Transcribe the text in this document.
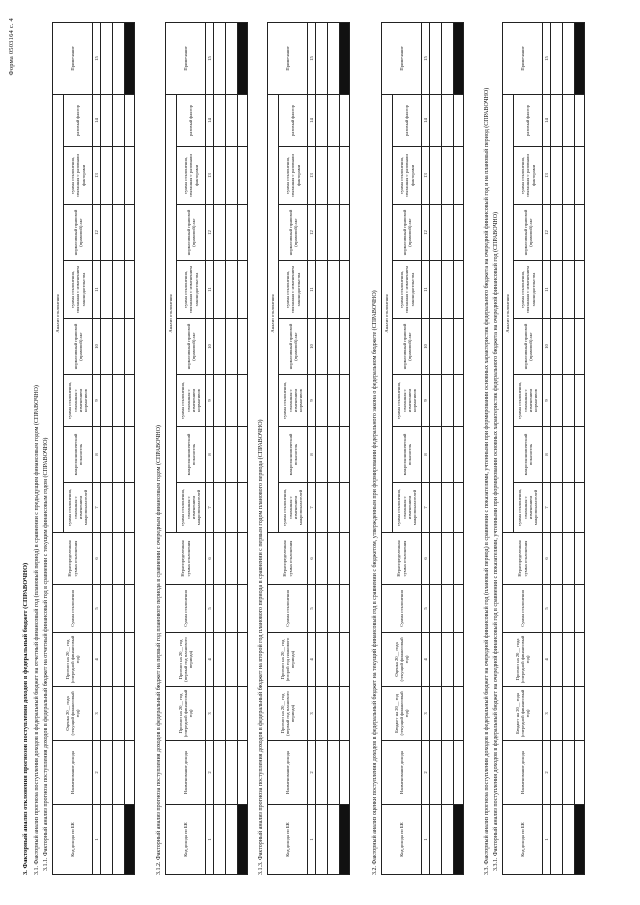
Форма 0503164 с. 4
3. Факторный анализ отклонения прогнозов поступления доходов в федеральный бюджет (СПРАВОЧНО) 3.1. Факторный анализ прогноза поступления доходов в федеральный бюджет на отчетный финансовый год (плановый период) в сравнении с предыдущим финансовым годом (СПРАВОЧНО) 3.1.1. Факторный анализ прогноза поступления доходов в федеральный бюджет на отчетный финансовый год в сравнении с текущим финансовым годом (СПРАВОЧНО)	Код дохода по БК	Наименование дохода	Оценка 20__ года (текущий финансовый год)	Прогноз на 20__ год (очередной финансовый год)	Сумма отклонения	Нераспределенная сумма отклонения	Анализ отклонения								Примечание
						сумма отклонения, связанная с изменением макропоказателей	макроэкономический показатель	сумма отклонения, связанная с изменением нормативов	нормативный правовой (правовой) акт	сумма отклонения, связанная с изменением законодательства	нормативный правовой (правовой) акт	сумма отклонения, связанная с разовыми факторами	разовый фактор	
1	2	3	4	5	6	7	8	9	10	11	12	13	14	15

3.1.2. Факторный анализ прогноза поступления доходов в федеральный бюджет на первый год планового периода в сравнении с очередным финансовым годом (СПРАВОЧНО)	Код дохода по БК	Наименование дохода	Прогноз на 20__ год (очередной финансовый год)	Прогноз на 20__ год (первый год планового периода)	Сумма отклонения	Нераспределенная сумма отклонения	Анализ отклонения								Примечание
						сумма отклонения, связанная с изменением макропоказателей	макроэкономический показатель	сумма отклонения, связанная с изменением нормативов	нормативный правовой (правовой) акт	сумма отклонения, связанная с изменением законодательства	нормативный правовой (правовой) акт	сумма отклонения, связанная с разовыми факторами	разовый фактор	
1	2	3	4	5	6	7	8	9	10	11	12	13	14	15

3.1.3. Факторный анализ прогноза поступления доходов в федеральный бюджет на второй год планового периода в сравнении с первым годом планового периода (СПРАВОЧНО)	Код дохода по БК	Наименование дохода	Прогноз на 20__ год (первый год планового периода)	Прогноз на 20__ год (второй год планового периода)	Сумма отклонения	Нераспределенная сумма отклонения	Анализ отклонения								Примечание
						сумма отклонения, связанная с изменением макропоказателей	макроэкономический показатель	сумма отклонения, связанная с изменением нормативов	нормативный правовой (правовой) акт	сумма отклонения, связанная с изменением законодательства	нормативный правовой (правовой) акт	сумма отклонения, связанная с разовыми факторами	разовый фактор	
1	2	3	4	5	6	7	8	9	10	11	12	13	14	15

3.2. Факторный анализ оценки поступления доходов в федеральный бюджет на текущий финансовый год в сравнении с бюджетом, утвержденным при формировании федерального закона о федеральном бюджете (СПРАВОЧНО)	Код дохода по БК	Наименование дохода	Бюджет на 20__ год (текущий финансовый год)	Оценка 20__ года (текущий финансовый год)	Сумма отклонения	Нераспределенная сумма отклонения	Анализ отклонения								Примечание
						сумма отклонения, связанная с изменением макропоказателей	макроэкономический показатель	сумма отклонения, связанная с изменением нормативов	нормативный правовой (правовой) акт	сумма отклонения, связанная с изменением законодательства	нормативный правовой (правовой) акт	сумма отклонения, связанная с разовыми факторами	разовый фактор	
1	2	3	4	5	6	7	8	9	10	11	12	13	14	15

3.3. Факторный анализ прогноза поступления доходов в федеральный бюджет на очередной финансовый год (плановый период) в сравнении с показателями, учтенными при формировании основных характеристик федерального бюджета на очередной финансовый год и на плановый период (СПРАВОЧНО) 3.3.1. Факторный анализ поступления доходов в федеральный бюджет на очередной финансовый год в сравнении с показателями, учтенными при формировании основных характеристик федерального бюджета на очередной финансовый год (СПРАВОЧНО)	Код дохода по БК	Наименование дохода	Бюджет на 20__ года (очередной финансовый год)	Прогноз на 20__ года (очередной финансовый год)	Сумма отклонения	Нераспределенная сумма отклонения	Анализ отклонения								Примечание
						сумма отклонения, связанная с изменением макропоказателей	макроэкономический показатель	сумма отклонения, связанная с изменением нормативов	нормативный правовой (правовой) акт	сумма отклонения, связанная с изменением законодательства	нормативный правовой (правовой) акт	сумма отклонения, связанная с разовыми факторами	разовый фактор	
1	2	3	4	5	6	7	8	9	10	11	12	13	14	15
